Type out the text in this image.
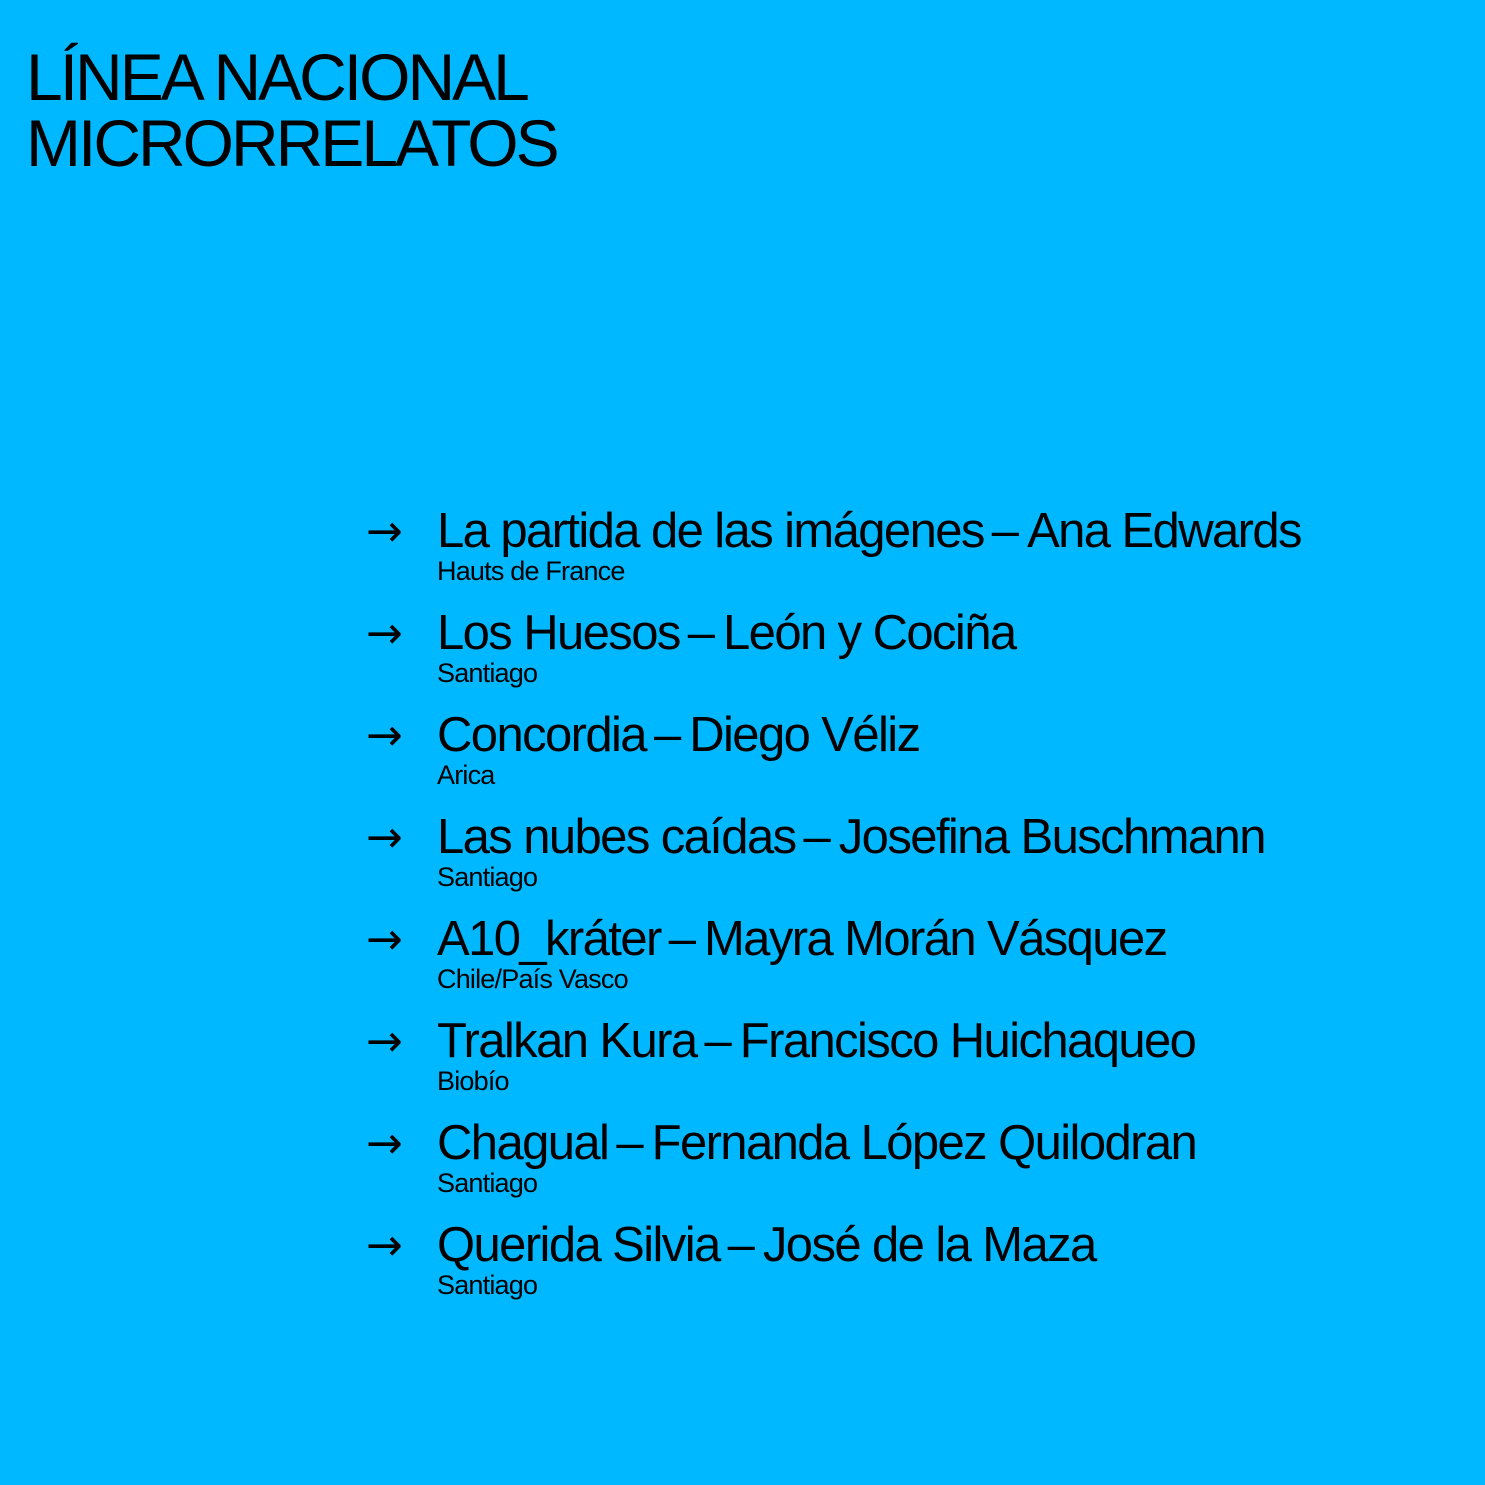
LÍNEA NACIONAL
MICRORRELATOS
→ La partida de las imágenes – Ana Edwards
Hauts de France
→ Los Huesos – León y Cociña
Santiago
→ Concordia – Diego Véliz
Arica
→ Las nubes caídas – Josefina Buschmann
Santiago
→ A10_kráter – Mayra Morán Vásquez
Chile/País Vasco
→ Tralkan Kura – Francisco Huichaqueo
Biobío
→ Chagual – Fernanda López Quilodran
Santiago
→ Querida Silvia – José de la Maza
Santiago
